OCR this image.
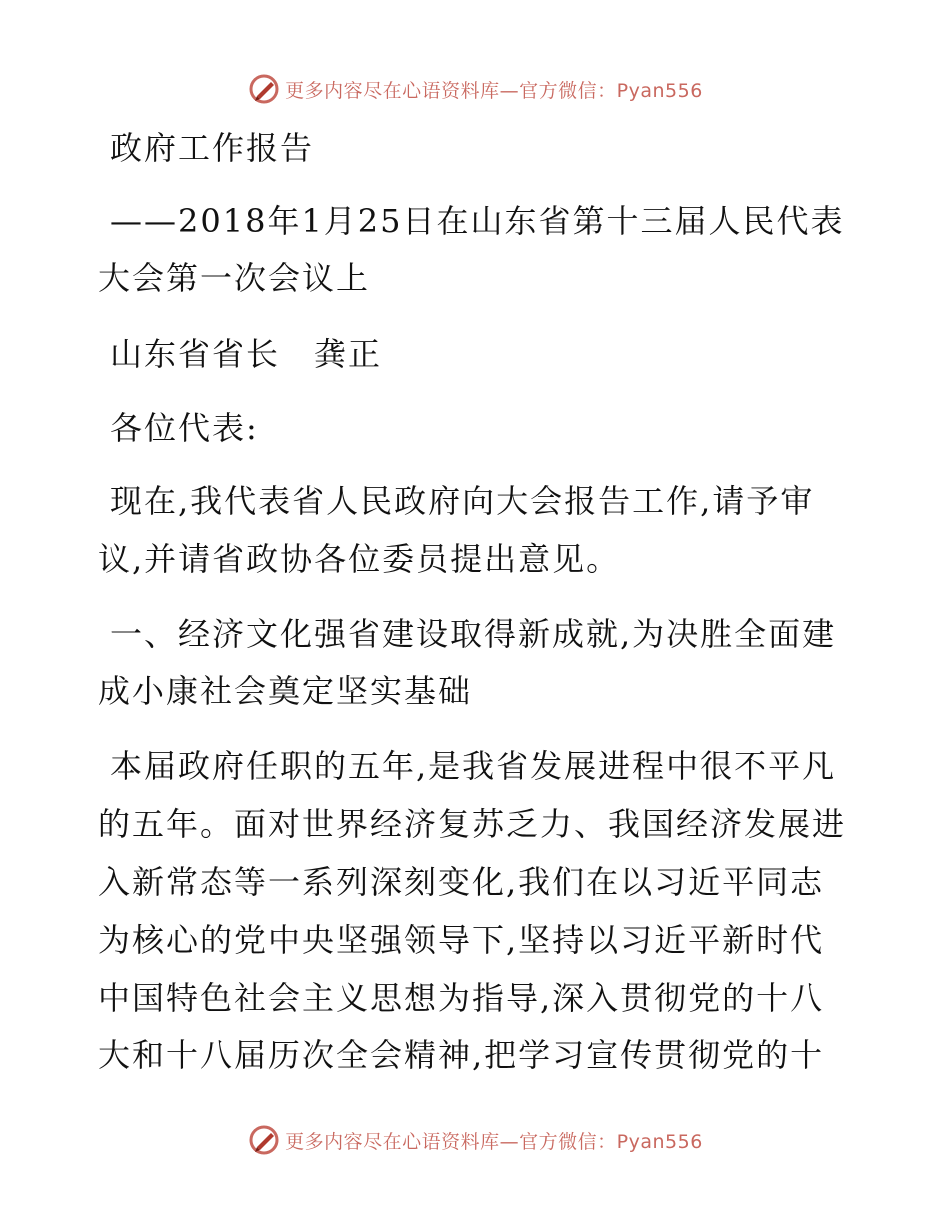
更多内容尽在心语资料库—官方微信：Pyan556
政府工作报告
——2018年1月25日在山东省第十三届人民代表
大会第一次会议上
山东省省长　龚正
各位代表:
现在,我代表省人民政府向大会报告工作,请予审
议,并请省政协各位委员提出意见。
一、经济文化强省建设取得新成就,为决胜全面建
成小康社会奠定坚实基础
本届政府任职的五年,是我省发展进程中很不平凡
的五年。面对世界经济复苏乏力、我国经济发展进
入新常态等一系列深刻变化,我们在以习近平同志
为核心的党中央坚强领导下,坚持以习近平新时代
中国特色社会主义思想为指导,深入贯彻党的十八
大和十八届历次全会精神,把学习宣传贯彻党的十
更多内容尽在心语资料库—官方微信：Pyan556
